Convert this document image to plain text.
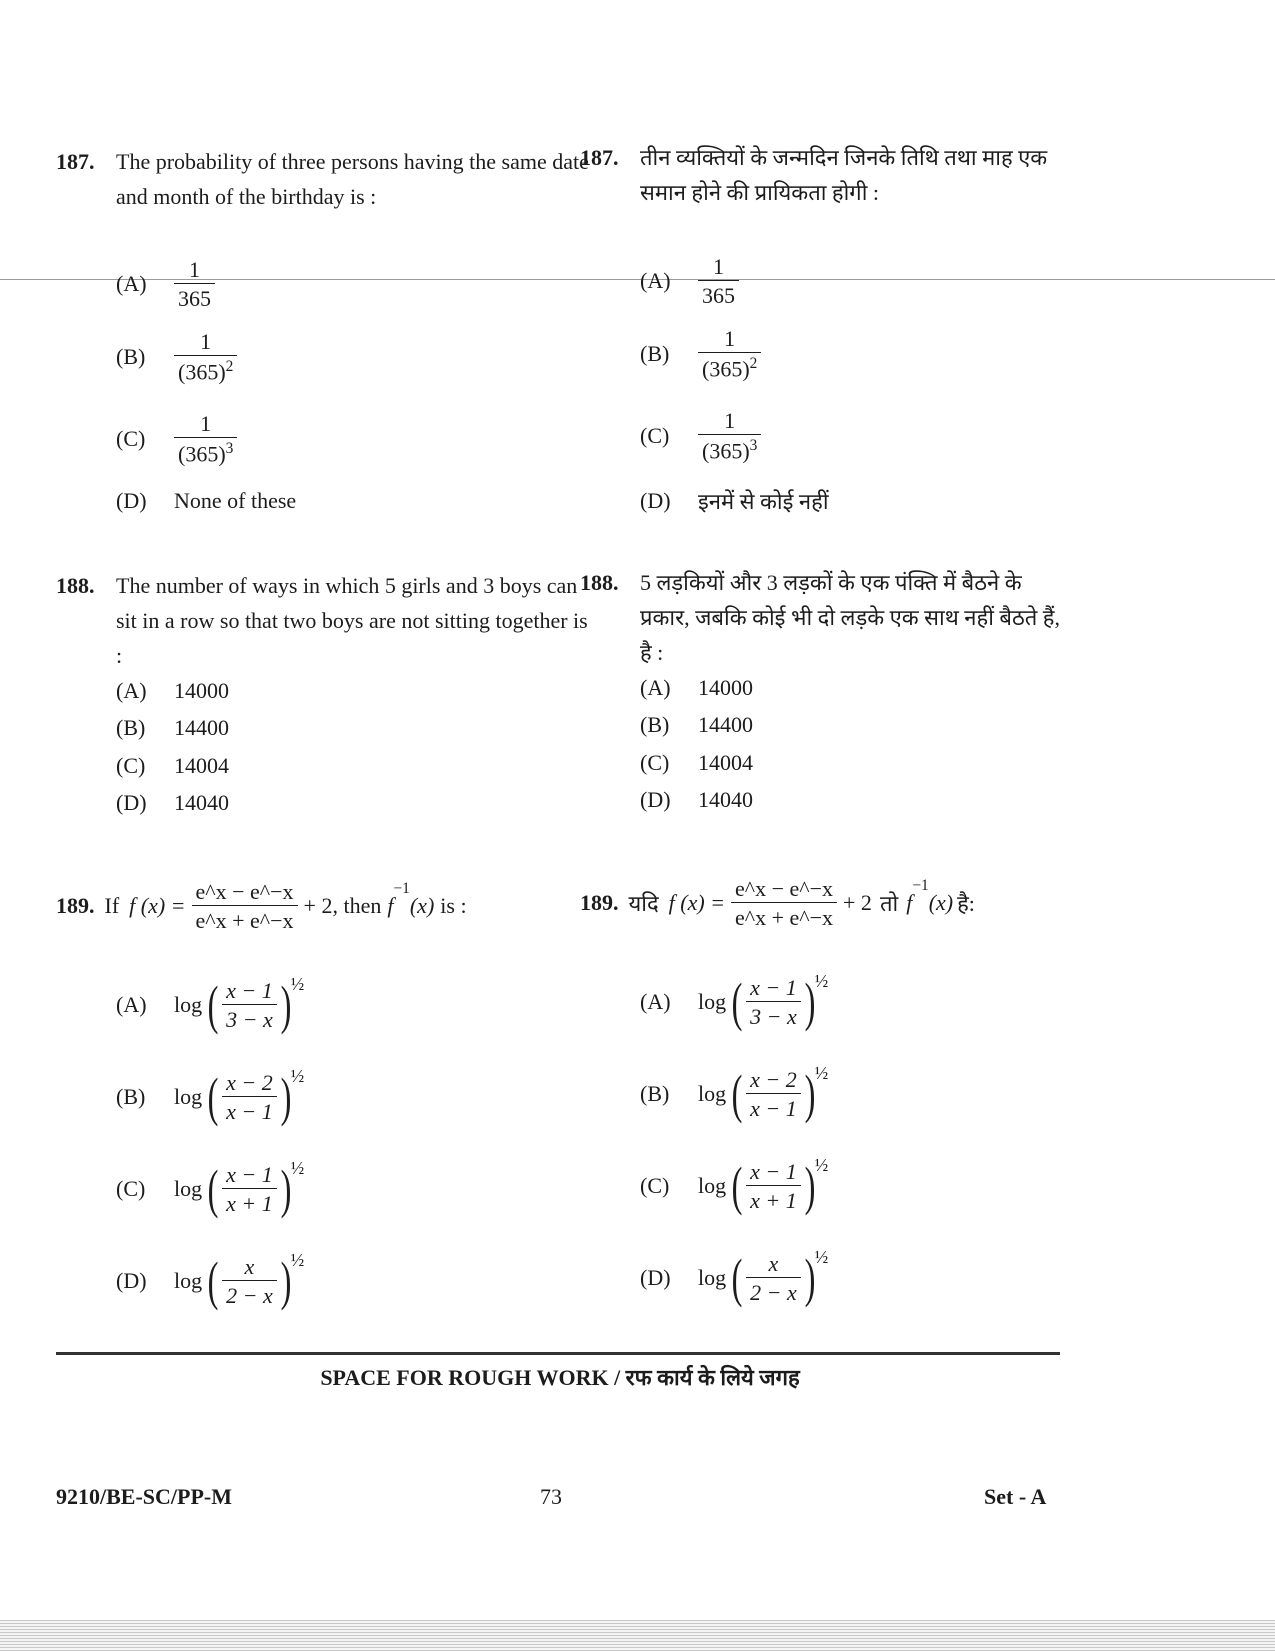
187. The probability of three persons having the same date and month of the birthday is :
(A)	$\frac{1}{365}$
(B)	$\frac{1}{(365)^2}$
(C)	$\frac{1}{(365)^3}$
(D)	None of these
187. तीन व्यक्तियों के जन्मदिन जिनके तिथि तथा माह एक समान होने की प्रायिकता होगी :
(A)	$\frac{1}{365}$
(B)	$\frac{1}{(365)^2}$
(C)	$\frac{1}{(365)^3}$
(D)	इनमें से कोई नहीं
188. The number of ways in which 5 girls and 3 boys can sit in a row so that two boys are not sitting together is :
(A)	14000
(B)	14400
(C)	14004
(D)	14040
188. 5 लड़कियों और 3 लड़कों के एक पंक्ति में बैठने के प्रकार, जबकि कोई भी दो लड़के एक साथ नहीं बैठते हैं, है :
(A)	14000
(B)	14400
(C)	14004
(D)	14040
189. If f $(x) = \frac{e\^{}x - e\^{}-x}{e\^{}x + e\^{}-x} + 2$ , then f
$^{-1}$
(x) is :	189. यदि f $(x) = \frac{e\^{}x - e\^{}-x}{e\^{}x + e\^{}-x} + 2$ तो f
$^{-1}$
(x) है:
(A)	log ( $\frac{x - 1}{3 - x}$ ) ½
(B)	log ( $\frac{x - 2}{x - 1}$ ) ½
(C)	log ( $\frac{x - 1}{x + 1}$ ) ½
(D)	log ( $\frac{x}{2 - x}$ ) ½
(A)	log ( $\frac{x - 1}{3 - x}$ ) ½
(B)	log ( $\frac{x - 2}{x - 1}$ ) ½
(C)	log ( $\frac{x - 1}{x + 1}$ ) ½
(D)	log ( $\frac{x}{2 - x}$ ) ½
SPACE FOR ROUGH WORK / रफ कार्य के लिये जगह
9210/BE-SC/PP-M	73	Set - A
